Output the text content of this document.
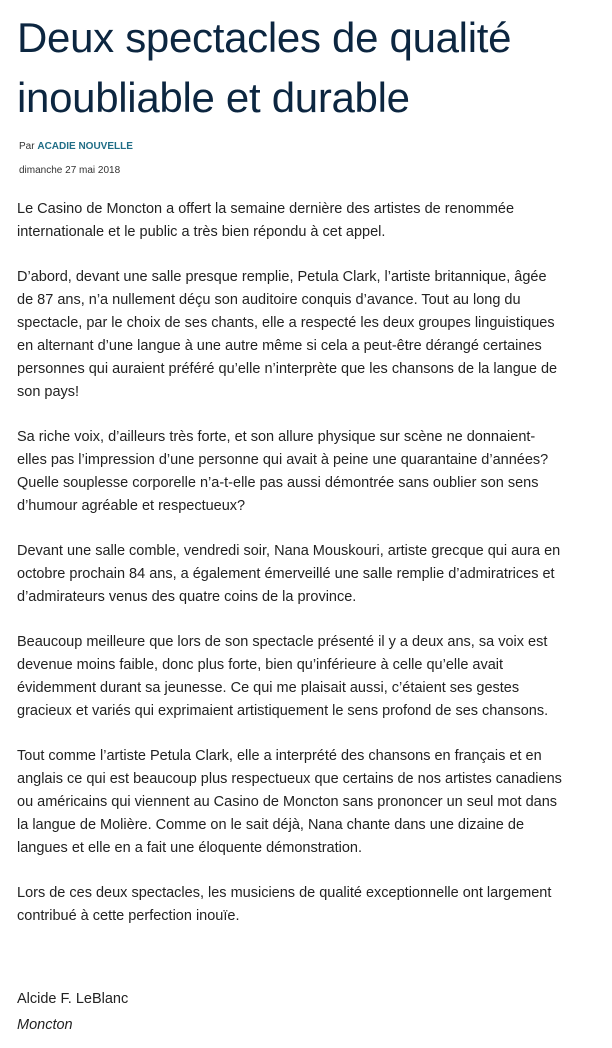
Deux spectacles de qualité
inoubliable et durable
Par ACADIE NOUVELLE
dimanche 27 mai 2018

Le Casino de Moncton a offert la semaine dernière des artistes de renommée
internationale et le public a très bien répondu à cet appel.

D’abord, devant une salle presque remplie, Petula Clark, l’artiste britannique, âgée
de 87 ans, n’a nullement déçu son auditoire conquis d’avance. Tout au long du
spectacle, par le choix de ses chants, elle a respecté les deux groupes linguistiques
en alternant d’une langue à une autre même si cela a peut-être dérangé certaines
personnes qui auraient préféré qu’elle n’interprète que les chansons de la langue de
son pays!

Sa riche voix, d’ailleurs très forte, et son allure physique sur scène ne donnaient-
elles pas l’impression d’une personne qui avait à peine une quarantaine d’années?
Quelle souplesse corporelle n’a-t-elle pas aussi démontrée sans oublier son sens
d’humour agréable et respectueux?

Devant une salle comble, vendredi soir, Nana Mouskouri, artiste grecque qui aura en
octobre prochain 84 ans, a également émerveillé une salle remplie d’admiratrices et
d’admirateurs venus des quatre coins de la province.

Beaucoup meilleure que lors de son spectacle présenté il y a deux ans, sa voix est
devenue moins faible, donc plus forte, bien qu’inférieure à celle qu’elle avait
évidemment durant sa jeunesse. Ce qui me plaisait aussi, c’étaient ses gestes
gracieux et variés qui exprimaient artistiquement le sens profond de ses chansons.

Tout comme l’artiste Petula Clark, elle a interprété des chansons en français et en
anglais ce qui est beaucoup plus respectueux que certains de nos artistes canadiens
ou américains qui viennent au Casino de Moncton sans prononcer un seul mot dans
la langue de Molière. Comme on le sait déjà, Nana chante dans une dizaine de
langues et elle en a fait une éloquente démonstration.

Lors de ces deux spectacles, les musiciens de qualité exceptionnelle ont largement
contribué à cette perfection inouïe.

Alcide F. LeBlanc
Moncton
